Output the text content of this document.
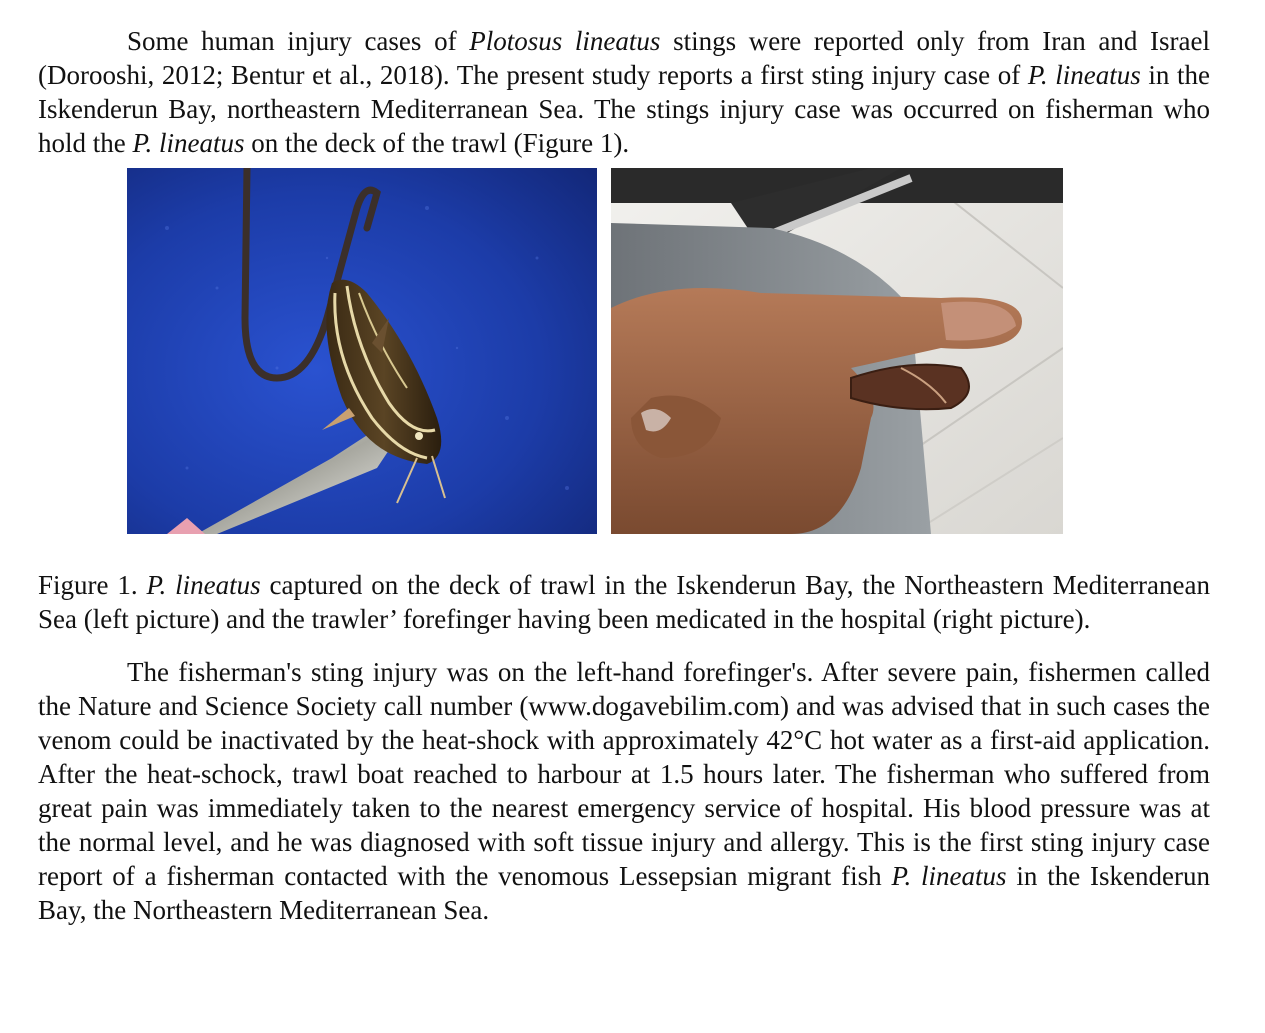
Some human injury cases of Plotosus lineatus stings were reported only from Iran and Israel (Dorooshi, 2012; Bentur et al., 2018). The present study reports a first sting injury case of P. lineatus in the Iskenderun Bay, northeastern Mediterranean Sea. The stings injury case was occurred on fisherman who hold the P. lineatus on the deck of the trawl (Figure 1).

Figure 1. P. lineatus captured on the deck of trawl in the Iskenderun Bay, the Northeastern Mediterranean Sea (left picture) and the trawler’ forefinger having been medicated in the hospital (right picture).

The fisherman's sting injury was on the left-hand forefinger's. After severe pain, fishermen called the Nature and Science Society call number (www.dogavebilim.com) and was advised that in such cases the venom could be inactivated by the heat-shock with approximately 42°C hot water as a first-aid application. After the heat-schock, trawl boat reached to harbour at 1.5 hours later. The fisherman who suffered from great pain was immediately taken to the nearest emergency service of hospital. His blood pressure was at the normal level, and he was diagnosed with soft tissue injury and allergy. This is the first sting injury case report of a fisherman contacted with the venomous Lessepsian migrant fish P. lineatus in the Iskenderun Bay, the Northeastern Mediterranean Sea.
